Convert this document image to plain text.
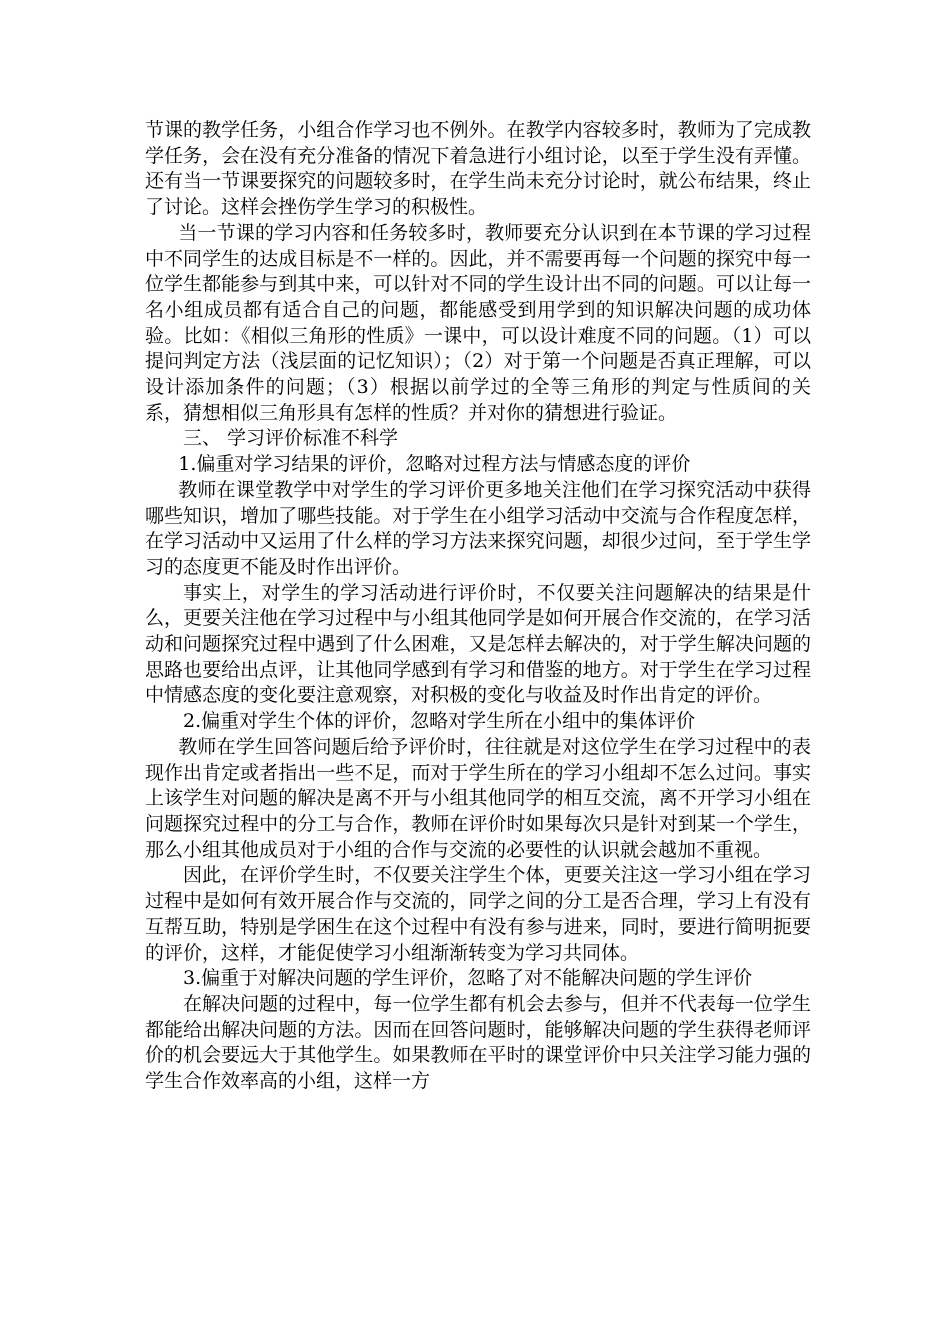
节课的教学任务，小组合作学习也不例外。在教学内容较多时，教师为了完成教学任务，会在没有充分准备的情况下着急进行小组讨论，以至于学生没有弄懂。还有当一节课要探究的问题较多时，在学生尚未充分讨论时，就公布结果，终止了讨论。这样会挫伤学生学习的积极性。

当一节课的学习内容和任务较多时，教师要充分认识到在本节课的学习过程中不同学生的达成目标是不一样的。因此，并不需要再每一个问题的探究中每一位学生都能参与到其中来，可以针对不同的学生设计出不同的问题。可以让每一名小组成员都有适合自己的问题，都能感受到用学到的知识解决问题的成功体验。比如：《相似三角形的性质》一课中，可以设计难度不同的问题。（1）可以提问判定方法（浅层面的记忆知识）；（2）对于第一个问题是否真正理解，可以设计添加条件的问题；（3）根据以前学过的全等三角形的判定与性质间的关系，猜想相似三角形具有怎样的性质？并对你的猜想进行验证。

三、 学习评价标准不科学

1.偏重对学习结果的评价，忽略对过程方法与情感态度的评价

教师在课堂教学中对学生的学习评价更多地关注他们在学习探究活动中获得哪些知识，增加了哪些技能。对于学生在小组学习活动中交流与合作程度怎样，在学习活动中又运用了什么样的学习方法来探究问题，却很少过问，至于学生学习的态度更不能及时作出评价。

事实上，对学生的学习活动进行评价时，不仅要关注问题解决的结果是什么，更要关注他在学习过程中与小组其他同学是如何开展合作交流的，在学习活动和问题探究过程中遇到了什么困难，又是怎样去解决的，对于学生解决问题的思路也要给出点评，让其他同学感到有学习和借鉴的地方。对于学生在学习过程中情感态度的变化要注意观察，对积极的变化与收益及时作出肯定的评价。

2.偏重对学生个体的评价，忽略对学生所在小组中的集体评价

教师在学生回答问题后给予评价时，往往就是对这位学生在学习过程中的表现作出肯定或者指出一些不足，而对于学生所在的学习小组却不怎么过问。事实上该学生对问题的解决是离不开与小组其他同学的相互交流，离不开学习小组在问题探究过程中的分工与合作，教师在评价时如果每次只是针对到某一个学生，那么小组其他成员对于小组的合作与交流的必要性的认识就会越加不重视。

因此，在评价学生时，不仅要关注学生个体，更要关注这一学习小组在学习过程中是如何有效开展合作与交流的，同学之间的分工是否合理，学习上有没有互帮互助，特别是学困生在这个过程中有没有参与进来，同时，要进行简明扼要的评价，这样，才能促使学习小组渐渐转变为学习共同体。

3.偏重于对解决问题的学生评价，忽略了对不能解决问题的学生评价

在解决问题的过程中，每一位学生都有机会去参与，但并不代表每一位学生都能给出解决问题的方法。因而在回答问题时，能够解决问题的学生获得老师评价的机会要远大于其他学生。如果教师在平时的课堂评价中只关注学习能力强的学生合作效率高的小组，这样一方
